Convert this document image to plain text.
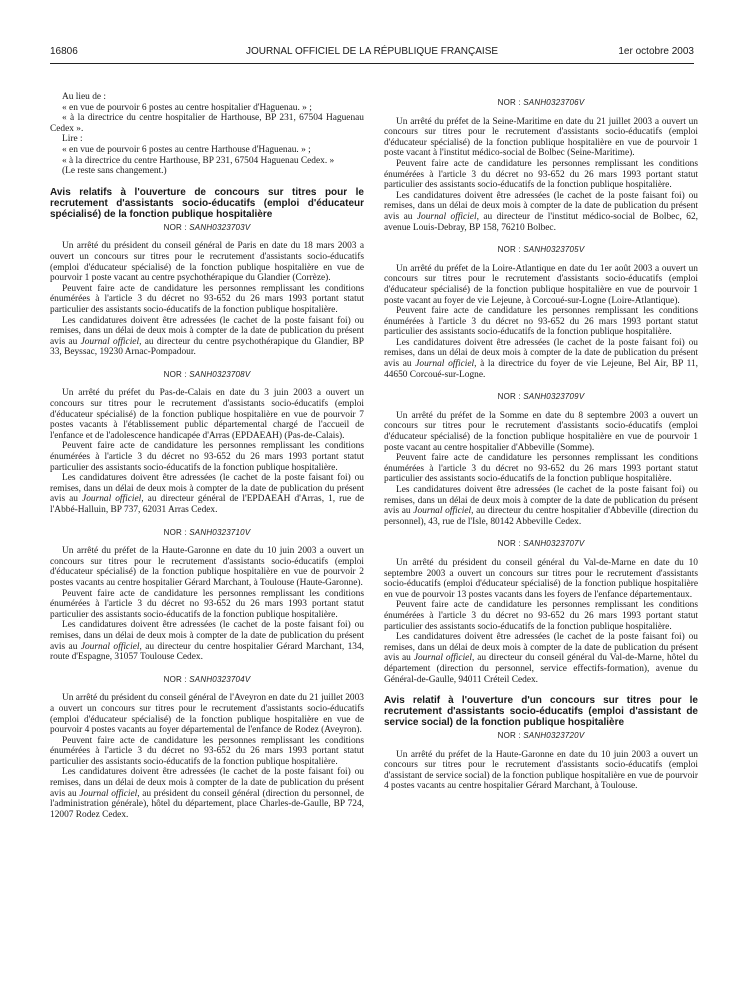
16806	JOURNAL OFFICIEL DE LA RÉPUBLIQUE FRANÇAISE	1er octobre 2003

Au lieu de :

« en vue de pourvoir 6 postes au centre hospitalier d'Haguenau. » ;

« à la directrice du centre hospitalier de Harthouse, BP 231, 67504 Haguenau Cedex ».

Lire :

« en vue de pourvoir 6 postes au centre Harthouse d'Haguenau. » ;

« à la directrice du centre Harthouse, BP 231, 67504 Haguenau Cedex. »

(Le reste sans changement.)

Avis relatifs à l'ouverture de concours sur titres pour le recrutement d'assistants socio-éducatifs (emploi d'éducateur spécialisé) de la fonction publique hospitalière

NOR : SANH0323703V

Un arrêté du président du conseil général de Paris en date du 18 mars 2003 a ouvert un concours sur titres pour le recrutement d'assistants socio-éducatifs (emploi d'éducateur spécialisé) de la fonction publique hospitalière en vue de pourvoir 1 poste vacant au centre psychothérapique du Glandier (Corrèze).

Peuvent faire acte de candidature les personnes remplissant les conditions énumérées à l'article 3 du décret no 93-652 du 26 mars 1993 portant statut particulier des assistants socio-éducatifs de la fonction publique hospitalière.

Les candidatures doivent être adressées (le cachet de la poste faisant foi) ou remises, dans un délai de deux mois à compter de la date de publication du présent avis au Journal officiel, au directeur du centre psychothérapique du Glandier, BP 33, Beyssac, 19230 Arnac-Pompadour.

NOR : SANH0323708V

Un arrêté du préfet du Pas-de-Calais en date du 3 juin 2003 a ouvert un concours sur titres pour le recrutement d'assistants socio-éducatifs (emploi d'éducateur spécialisé) de la fonction publique hospitalière en vue de pourvoir 7 postes vacants à l'établissement public départemental chargé de l'accueil de l'enfance et de l'adolescence handicapée d'Arras (EPDAEAH) (Pas-de-Calais).

Peuvent faire acte de candidature les personnes remplissant les conditions énumérées à l'article 3 du décret no 93-652 du 26 mars 1993 portant statut particulier des assistants socio-éducatifs de la fonction publique hospitalière.

Les candidatures doivent être adressées (le cachet de la poste faisant foi) ou remises, dans un délai de deux mois à compter de la date de publication du présent avis au Journal officiel, au directeur général de l'EPDAEAH d'Arras, 1, rue de l'Abbé-Halluin, BP 737, 62031 Arras Cedex.

NOR : SANH0323710V

Un arrêté du préfet de la Haute-Garonne en date du 10 juin 2003 a ouvert un concours sur titres pour le recrutement d'assistants socio-éducatifs (emploi d'éducateur spécialisé) de la fonction publique hospitalière en vue de pourvoir 2 postes vacants au centre hospitalier Gérard Marchant, à Toulouse (Haute-Garonne).

Peuvent faire acte de candidature les personnes remplissant les conditions énumérées à l'article 3 du décret no 93-652 du 26 mars 1993 portant statut particulier des assistants socio-éducatifs de la fonction publique hospitalière.

Les candidatures doivent être adressées (le cachet de la poste faisant foi) ou remises, dans un délai de deux mois à compter de la date de publication du présent avis au Journal officiel, au directeur du centre hospitalier Gérard Marchant, 134, route d'Espagne, 31057 Toulouse Cedex.

NOR : SANH0323704V

Un arrêté du président du conseil général de l'Aveyron en date du 21 juillet 2003 a ouvert un concours sur titres pour le recrutement d'assistants socio-éducatifs (emploi d'éducateur spécialisé) de la fonction publique hospitalière en vue de pourvoir 4 postes vacants au foyer départemental de l'enfance de Rodez (Aveyron).

Peuvent faire acte de candidature les personnes remplissant les conditions énumérées à l'article 3 du décret no 93-652 du 26 mars 1993 portant statut particulier des assistants socio-éducatifs de la fonction publique hospitalière.

Les candidatures doivent être adressées (le cachet de la poste faisant foi) ou remises, dans un délai de deux mois à compter de la date de publication du présent avis au Journal officiel, au président du conseil général (direction du personnel, de l'administration générale), hôtel du département, place Charles-de-Gaulle, BP 724, 12007 Rodez Cedex.

NOR : SANH0323706V

Un arrêté du préfet de la Seine-Maritime en date du 21 juillet 2003 a ouvert un concours sur titres pour le recrutement d'assistants socio-éducatifs (emploi d'éducateur spécialisé) de la fonction publique hospitalière en vue de pourvoir 1 poste vacant à l'institut médico-social de Bolbec (Seine-Maritime).

Peuvent faire acte de candidature les personnes remplissant les conditions énumérées à l'article 3 du décret no 93-652 du 26 mars 1993 portant statut particulier des assistants socio-éducatifs de la fonction publique hospitalière.

Les candidatures doivent être adressées (le cachet de la poste faisant foi) ou remises, dans un délai de deux mois à compter de la date de publication du présent avis au Journal officiel, au directeur de l'institut médico-social de Bolbec, 62, avenue Louis-Debray, BP 158, 76210 Bolbec.

NOR : SANH0323705V

Un arrêté du préfet de la Loire-Atlantique en date du 1er août 2003 a ouvert un concours sur titres pour le recrutement d'assistants socio-éducatifs (emploi d'éducateur spécialisé) de la fonction publique hospitalière en vue de pourvoir 1 poste vacant au foyer de vie Lejeune, à Corcoué-sur-Logne (Loire-Atlantique).

Peuvent faire acte de candidature les personnes remplissant les conditions énumérées à l'article 3 du décret no 93-652 du 26 mars 1993 portant statut particulier des assistants socio-éducatifs de la fonction publique hospitalière.

Les candidatures doivent être adressées (le cachet de la poste faisant foi) ou remises, dans un délai de deux mois à compter de la date de publication du présent avis au Journal officiel, à la directrice du foyer de vie Lejeune, Bel Air, BP 11, 44650 Corcoué-sur-Logne.

NOR : SANH0323709V

Un arrêté du préfet de la Somme en date du 8 septembre 2003 a ouvert un concours sur titres pour le recrutement d'assistants socio-éducatifs (emploi d'éducateur spécialisé) de la fonction publique hospitalière en vue de pourvoir 1 poste vacant au centre hospitalier d'Abbeville (Somme).

Peuvent faire acte de candidature les personnes remplissant les conditions énumérées à l'article 3 du décret no 93-652 du 26 mars 1993 portant statut particulier des assistants socio-éducatifs de la fonction publique hospitalière.

Les candidatures doivent être adressées (le cachet de la poste faisant foi) ou remises, dans un délai de deux mois à compter de la date de publication du présent avis au Journal officiel, au directeur du centre hospitalier d'Abbeville (direction du personnel), 43, rue de l'Isle, 80142 Abbeville Cedex.

NOR : SANH0323707V

Un arrêté du président du conseil général du Val-de-Marne en date du 10 septembre 2003 a ouvert un concours sur titres pour le recrutement d'assistants socio-éducatifs (emploi d'éducateur spécialisé) de la fonction publique hospitalière en vue de pourvoir 13 postes vacants dans les foyers de l'enfance départementaux.

Peuvent faire acte de candidature les personnes remplissant les conditions énumérées à l'article 3 du décret no 93-652 du 26 mars 1993 portant statut particulier des assistants socio-éducatifs de la fonction publique hospitalière.

Les candidatures doivent être adressées (le cachet de la poste faisant foi) ou remises, dans un délai de deux mois à compter de la date de publication du présent avis au Journal officiel, au directeur du conseil général du Val-de-Marne, hôtel du département (direction du personnel, service effectifs-formation), avenue du Général-de-Gaulle, 94011 Créteil Cedex.

Avis relatif à l'ouverture d'un concours sur titres pour le recrutement d'assistants socio-éducatifs (emploi d'assistant de service social) de la fonction publique hospitalière

NOR : SANH0323720V

Un arrêté du préfet de la Haute-Garonne en date du 10 juin 2003 a ouvert un concours sur titres pour le recrutement d'assistants socio-éducatifs (emploi d'assistant de service social) de la fonction publique hospitalière en vue de pourvoir 4 postes vacants au centre hospitalier Gérard Marchant, à Toulouse.
